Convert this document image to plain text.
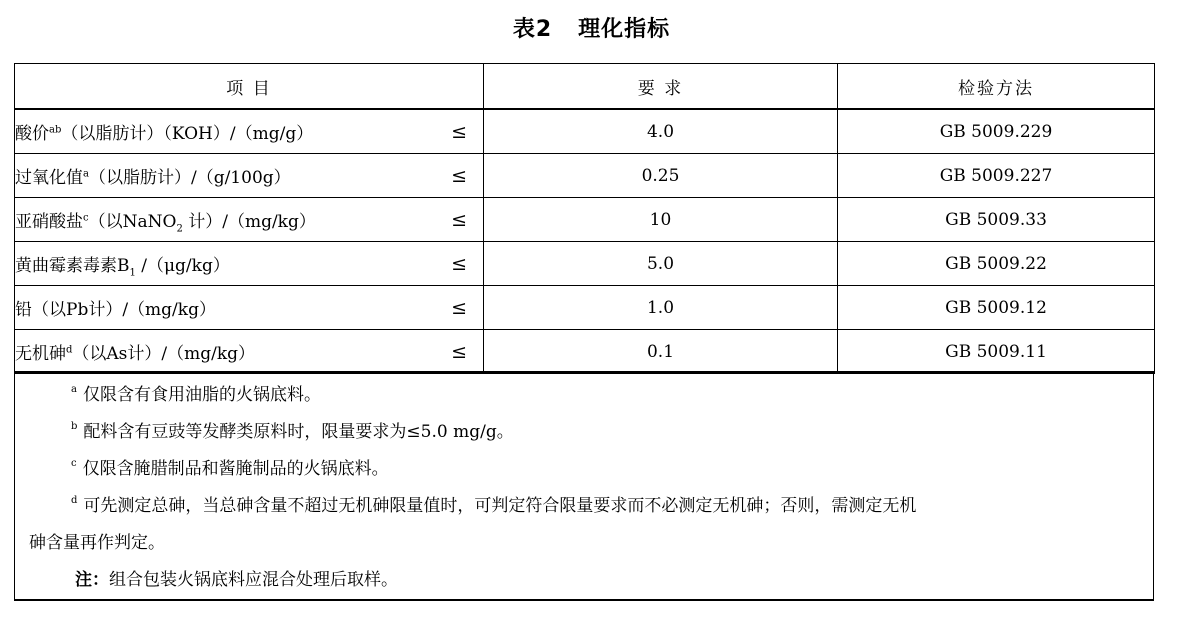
表2   理化指标
项 目	要 求	检验方法
酸价$^{ab}$（以脂肪计）（KOH）/（mg/g） ≤	4.0	GB 5009.229
过氧化值$^a$（以脂肪计）/（g/100g） ≤	0.25	GB 5009.227
亚硝酸盐$^c$（以NaNO$_2$ 计）/（mg/kg） ≤	10	GB 5009.33
黄曲霉素毒素$B_1$ /（μg/kg） ≤	5.0	GB 5009.22
铅（以Pb计）/（mg/kg） ≤	1.0	GB 5009.12
无机砷$^d$（以As计）/（mg/kg） ≤	0.1	GB 5009.11
$^a$ 仅限含有食用油脂的火锅底料。
$^b$ 配料含有豆豉等发酵类原料时，限量要求为≤5.0 mg/g。
$^c$ 仅限含腌腊制品和酱腌制品的火锅底料。
$^d$ 可先测定总砷，当总砷含量不超过无机砷限量值时，可判定符合限量要求而不必测定无机砷；否则，需测定无机
砷含量再作判定。
注：组合包装火锅底料应混合处理后取样。
